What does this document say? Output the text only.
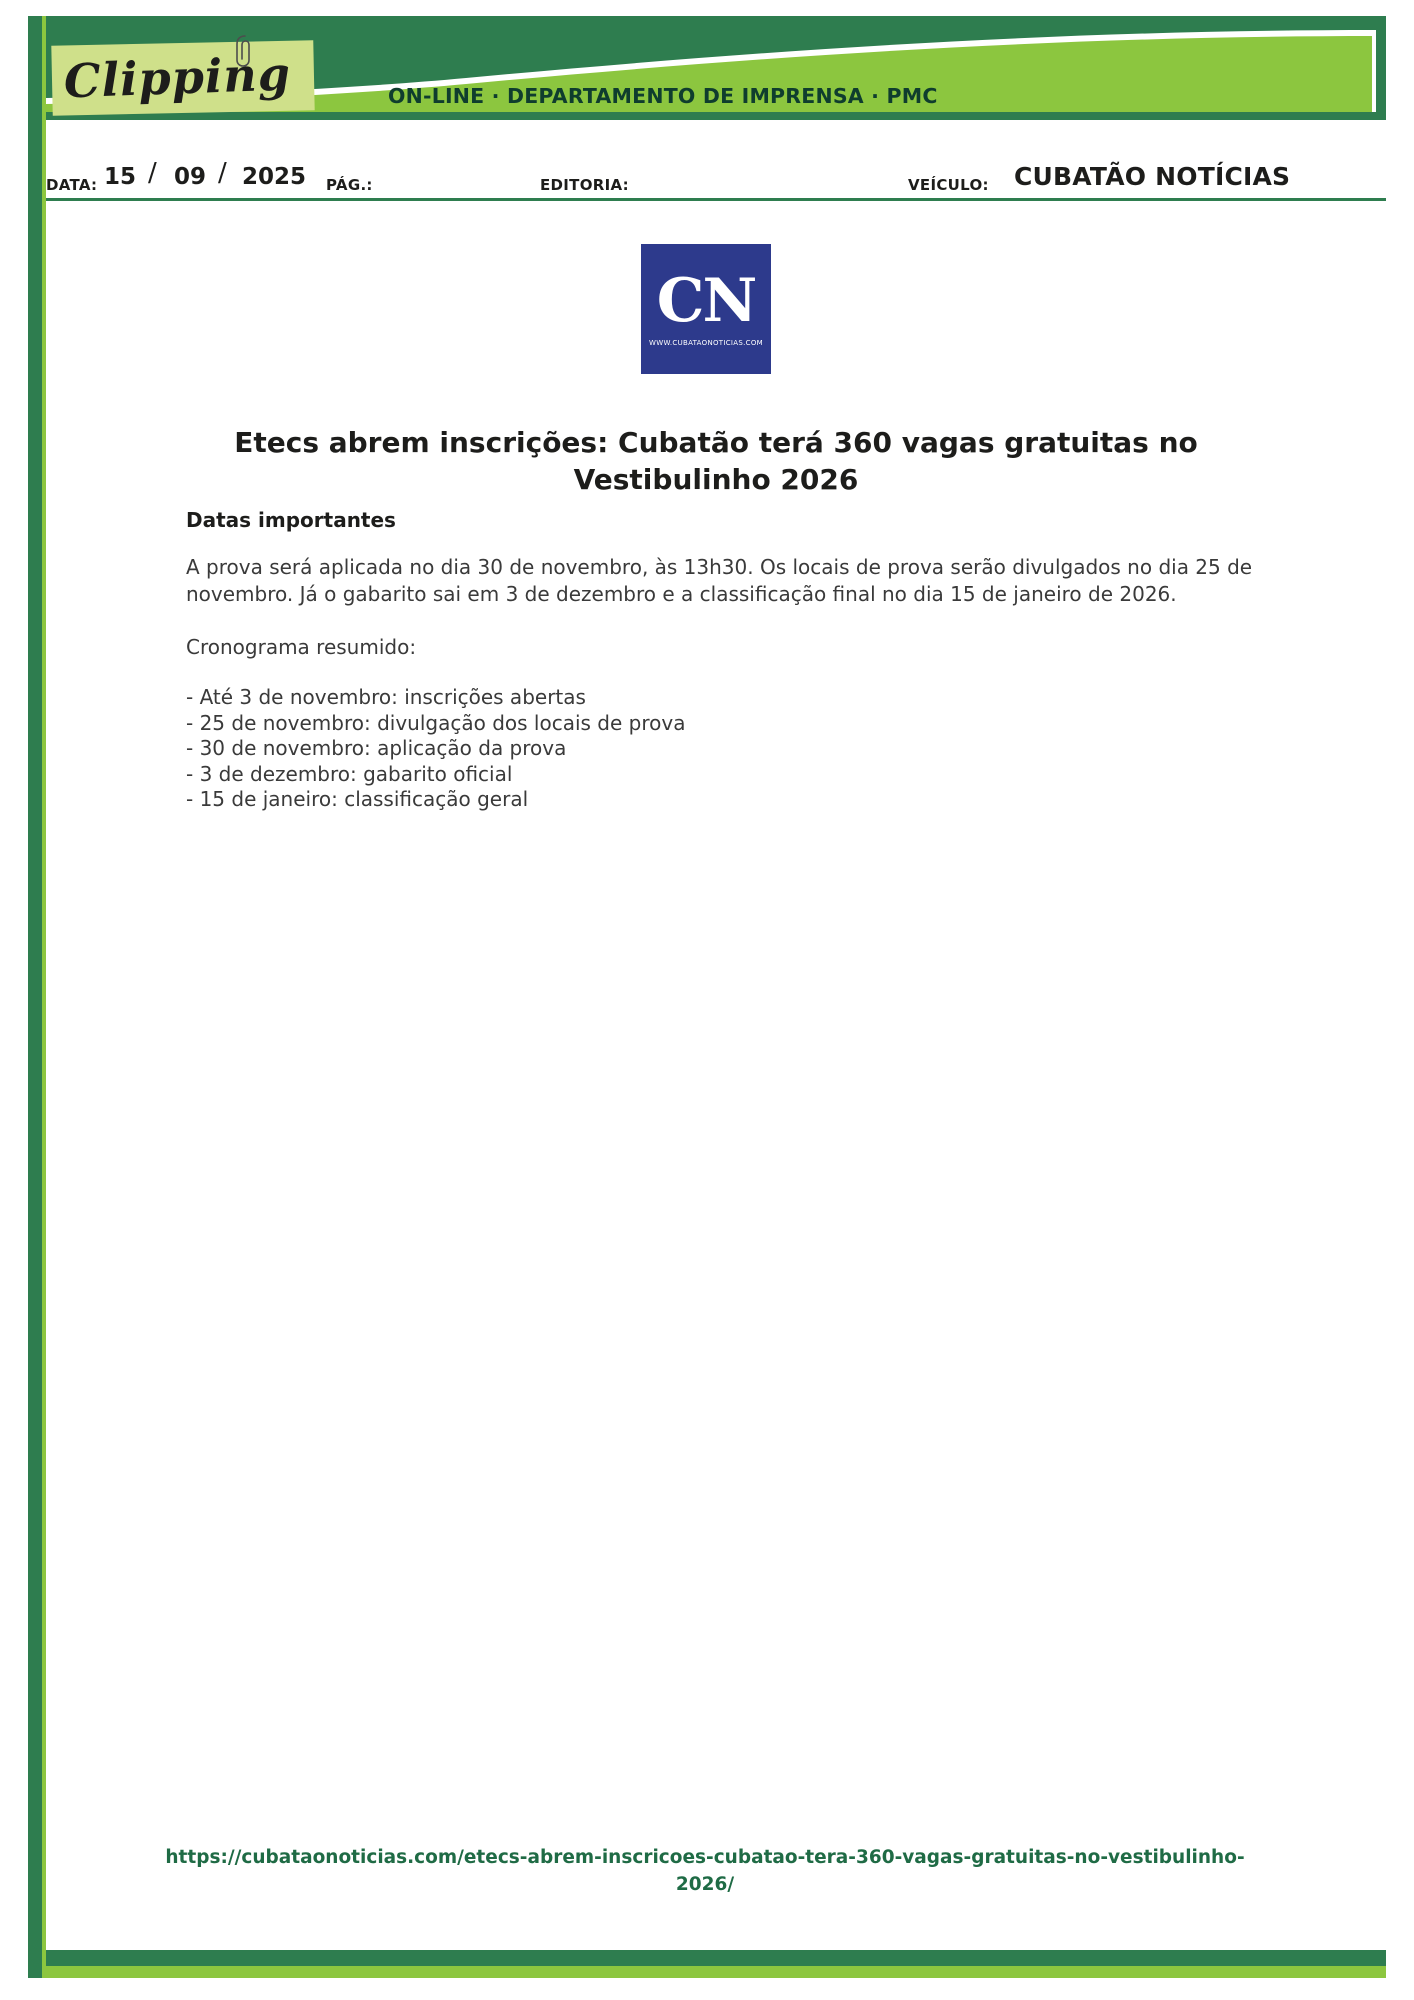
Clipping	ON-LINE · DEPARTAMENTO DE IMPRENSA · PMC
DATA: 15 / 09 / 2025 PÁG.:	EDITORIA:	VEÍCULO: CUBATÃO NOTÍCIAS
CN
WWW.CUBATAONOTICIAS.COM
Etecs abrem inscrições: Cubatão terá 360 vagas gratuitas no Vestibulinho 2026

Datas importantes

A prova será aplicada no dia 30 de novembro, às 13h30. Os locais de prova serão divulgados no dia 25 de novembro. Já o gabarito sai em 3 de dezembro e a classificação final no dia 15 de janeiro de 2026.

Cronograma resumido:

- Até 3 de novembro: inscrições abertas
- 25 de novembro: divulgação dos locais de prova
- 30 de novembro: aplicação da prova
- 3 de dezembro: gabarito oficial
- 15 de janeiro: classificação geral
https://cubataonoticias.com/etecs-abrem-inscricoes-cubatao-tera-360-vagas-gratuitas-no-vestibulinho-2026/
